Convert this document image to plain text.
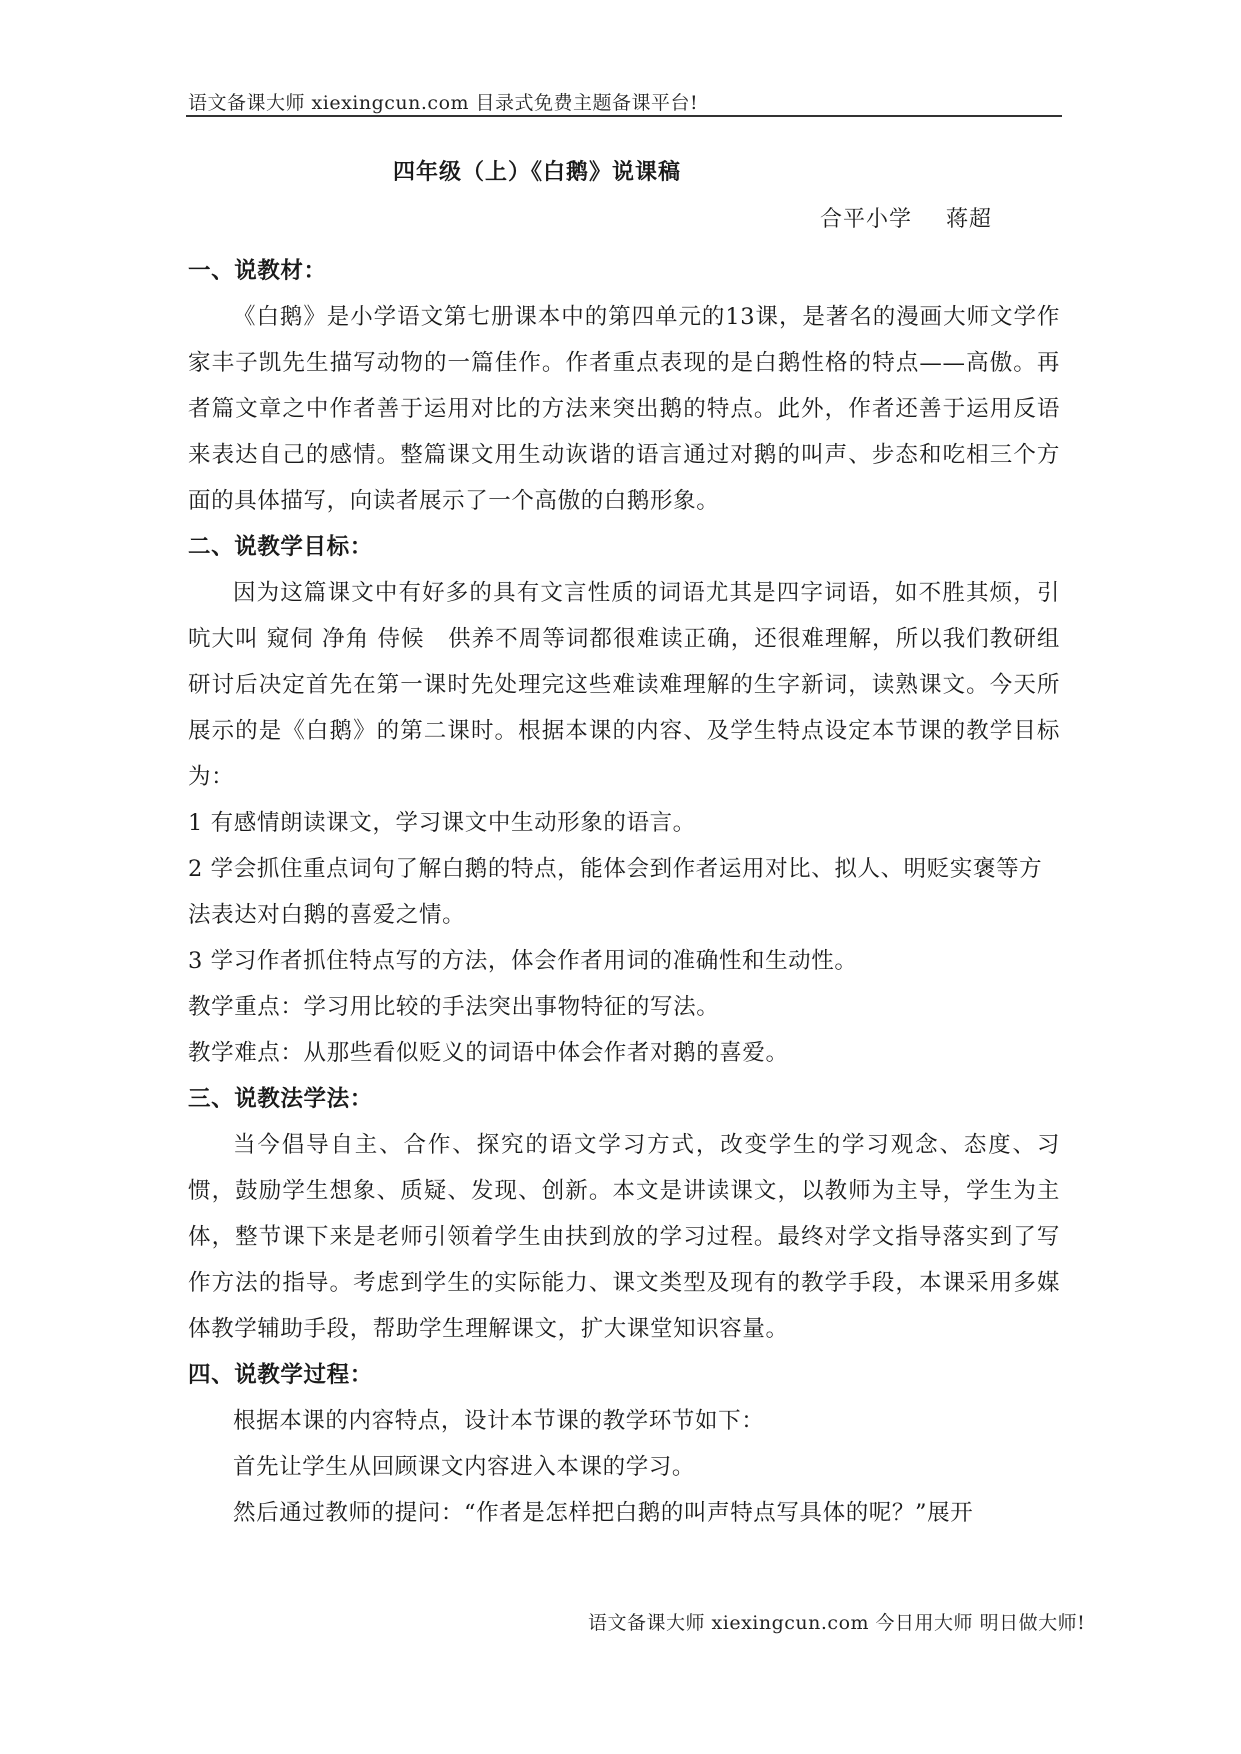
语文备课大师 xiexingcun.com 目录式免费主题备课平台!
四年级（上）《白鹅》说课稿
合平小学 蒋超

一、说教材：

《白鹅》是小学语文第七册课本中的第四单元的13课，是著名的漫画大师文学作家丰子凯先生描写动物的一篇佳作。作者重点表现的是白鹅性格的特点——高傲。再者篇文章之中作者善于运用对比的方法来突出鹅的特点。此外，作者还善于运用反语来表达自己的感情。整篇课文用生动诙谐的语言通过对鹅的叫声、步态和吃相三个方面的具体描写，向读者展示了一个高傲的白鹅形象。

二、说教学目标：

因为这篇课文中有好多的具有文言性质的词语尤其是四字词语，如不胜其烦，引吭大叫 窥伺 净角 侍候　供养不周等词都很难读正确，还很难理解，所以我们教研组研讨后决定首先在第一课时先处理完这些难读难理解的生字新词，读熟课文。今天所展示的是《白鹅》的第二课时。根据本课的内容、及学生特点设定本节课的教学目标为：

1 有感情朗读课文，学习课文中生动形象的语言。

2 学会抓住重点词句了解白鹅的特点，能体会到作者运用对比、拟人、明贬实褒等方法表达对白鹅的喜爱之情。

3 学习作者抓住特点写的方法，体会作者用词的准确性和生动性。

教学重点：学习用比较的手法突出事物特征的写法。

教学难点：从那些看似贬义的词语中体会作者对鹅的喜爱。

三、说教法学法：

当今倡导自主、合作、探究的语文学习方式，改变学生的学习观念、态度、习惯，鼓励学生想象、质疑、发现、创新。本文是讲读课文，以教师为主导，学生为主体，整节课下来是老师引领着学生由扶到放的学习过程。最终对学文指导落实到了写作方法的指导。考虑到学生的实际能力、课文类型及现有的教学手段，本课采用多媒体教学辅助手段，帮助学生理解课文，扩大课堂知识容量。

四、说教学过程：

根据本课的内容特点，设计本节课的教学环节如下：

首先让学生从回顾课文内容进入本课的学习。

然后通过教师的提问：“作者是怎样把白鹅的叫声特点写具体的呢？”展开

语文备课大师 xiexingcun.com 今日用大师 明日做大师!
